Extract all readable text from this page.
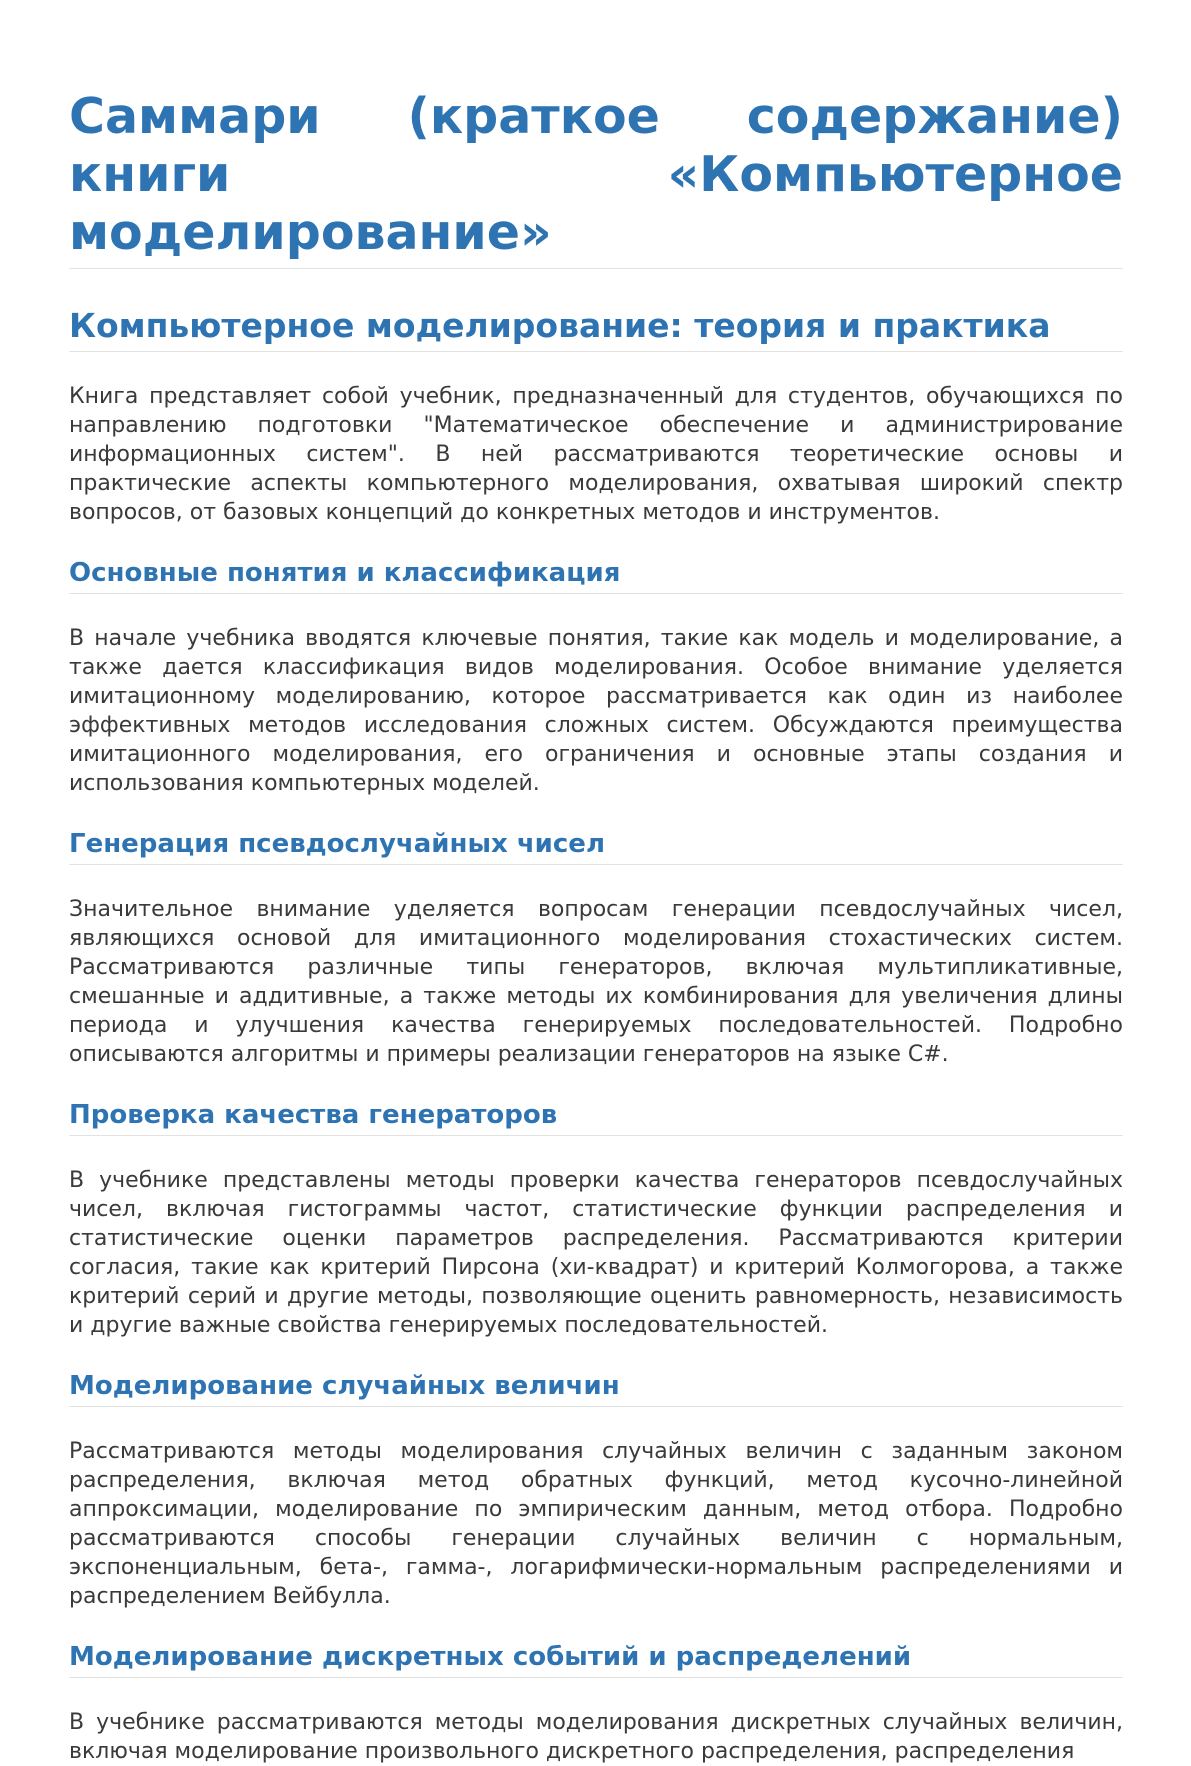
Саммари (краткое содержание) книги «Компьютерное моделирование»
Компьютерное моделирование: теория и практика

Книга представляет собой учебник, предназначенный для студентов, обучающихся по направлению подготовки "Математическое обеспечение и администрирование информационных систем". В ней рассматриваются теоретические основы и практические аспекты компьютерного моделирования, охватывая широкий спектр вопросов, от базовых концепций до конкретных методов и инструментов.

Основные понятия и классификация

В начале учебника вводятся ключевые понятия, такие как модель и моделирование, а также дается классификация видов моделирования. Особое внимание уделяется имитационному моделированию, которое рассматривается как один из наиболее эффективных методов исследования сложных систем. Обсуждаются преимущества имитационного моделирования, его ограничения и основные этапы создания и использования компьютерных моделей.

Генерация псевдослучайных чисел

Значительное внимание уделяется вопросам генерации псевдослучайных чисел, являющихся основой для имитационного моделирования стохастических систем. Рассматриваются различные типы генераторов, включая мультипликативные, смешанные и аддитивные, а также методы их комбинирования для увеличения длины периода и улучшения качества генерируемых последовательностей. Подробно описываются алгоритмы и примеры реализации генераторов на языке C#.

Проверка качества генераторов

В учебнике представлены методы проверки качества генераторов псевдослучайных чисел, включая гистограммы частот, статистические функции распределения и статистические оценки параметров распределения. Рассматриваются критерии согласия, такие как критерий Пирсона (хи-квадрат) и критерий Колмогорова, а также критерий серий и другие методы, позволяющие оценить равномерность, независимость и другие важные свойства генерируемых последовательностей.

Моделирование случайных величин

Рассматриваются методы моделирования случайных величин с заданным законом распределения, включая метод обратных функций, метод кусочно-линейной аппроксимации, моделирование по эмпирическим данным, метод отбора. Подробно рассматриваются способы генерации случайных величин с нормальным, экспоненциальным, бета-, гамма-, логарифмически-нормальным распределениями и распределением Вейбулла.

Моделирование дискретных событий и распределений

В учебнике рассматриваются методы моделирования дискретных случайных величин, включая моделирование произвольного дискретного распределения, распределения
